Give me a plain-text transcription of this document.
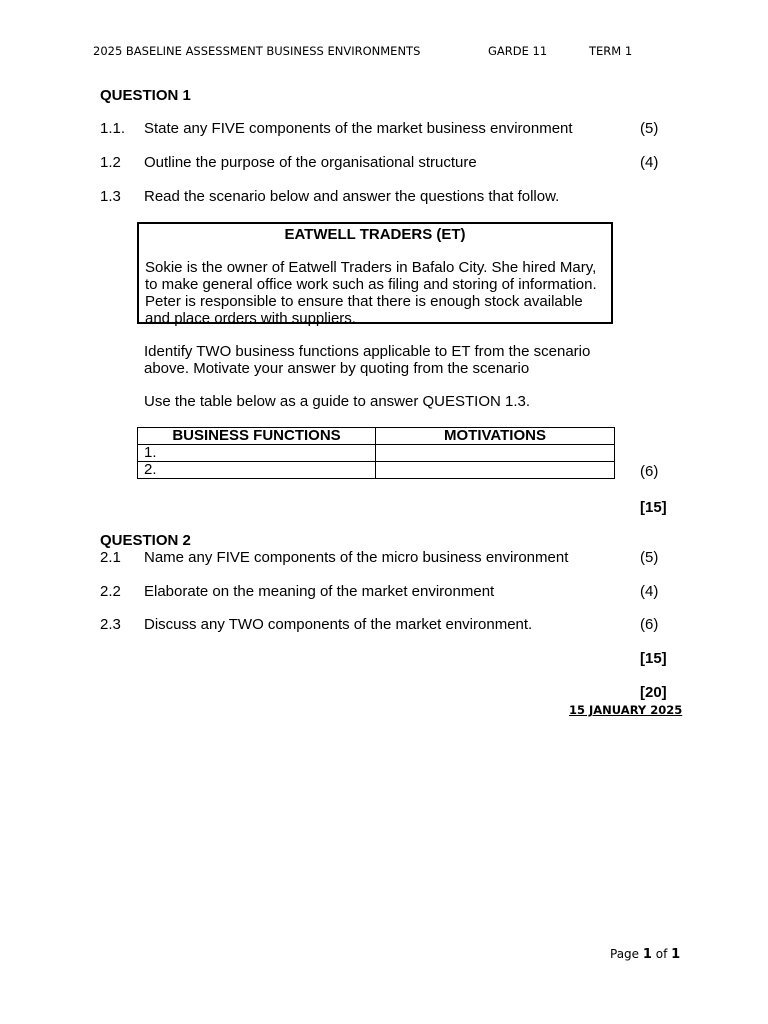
2025 BASELINE ASSESSMENT BUSINESS ENVIRONMENTS	GARDE 11	TERM 1
QUESTION 1
1.1. State any FIVE components of the market business environment	(5)
1.2 Outline the purpose of the organisational structure	(4)
1.3 Read the scenario below and answer the questions that follow.
EATWELL TRADERS (ET)
Sokie is the owner of Eatwell Traders in Bafalo City. She hired Mary, to make general office work such as filing and storing of information. Peter is responsible to ensure that there is enough stock available and place orders with suppliers.
Identify TWO business functions applicable to ET from the scenario
above. Motivate your answer by quoting from the scenario
Use the table below as a guide to answer QUESTION 1.3.
BUSINESS FUNCTIONS	MOTIVATIONS
1.	
2.		(6)
[15]
QUESTION 2
2.1 Name any FIVE components of the micro business environment	(5)
2.2 Elaborate on the meaning of the market environment	(4)
2.3 Discuss any TWO components of the market environment.	(6)
[15]
[20]
15 JANUARY 2025
Page 1 of 1
